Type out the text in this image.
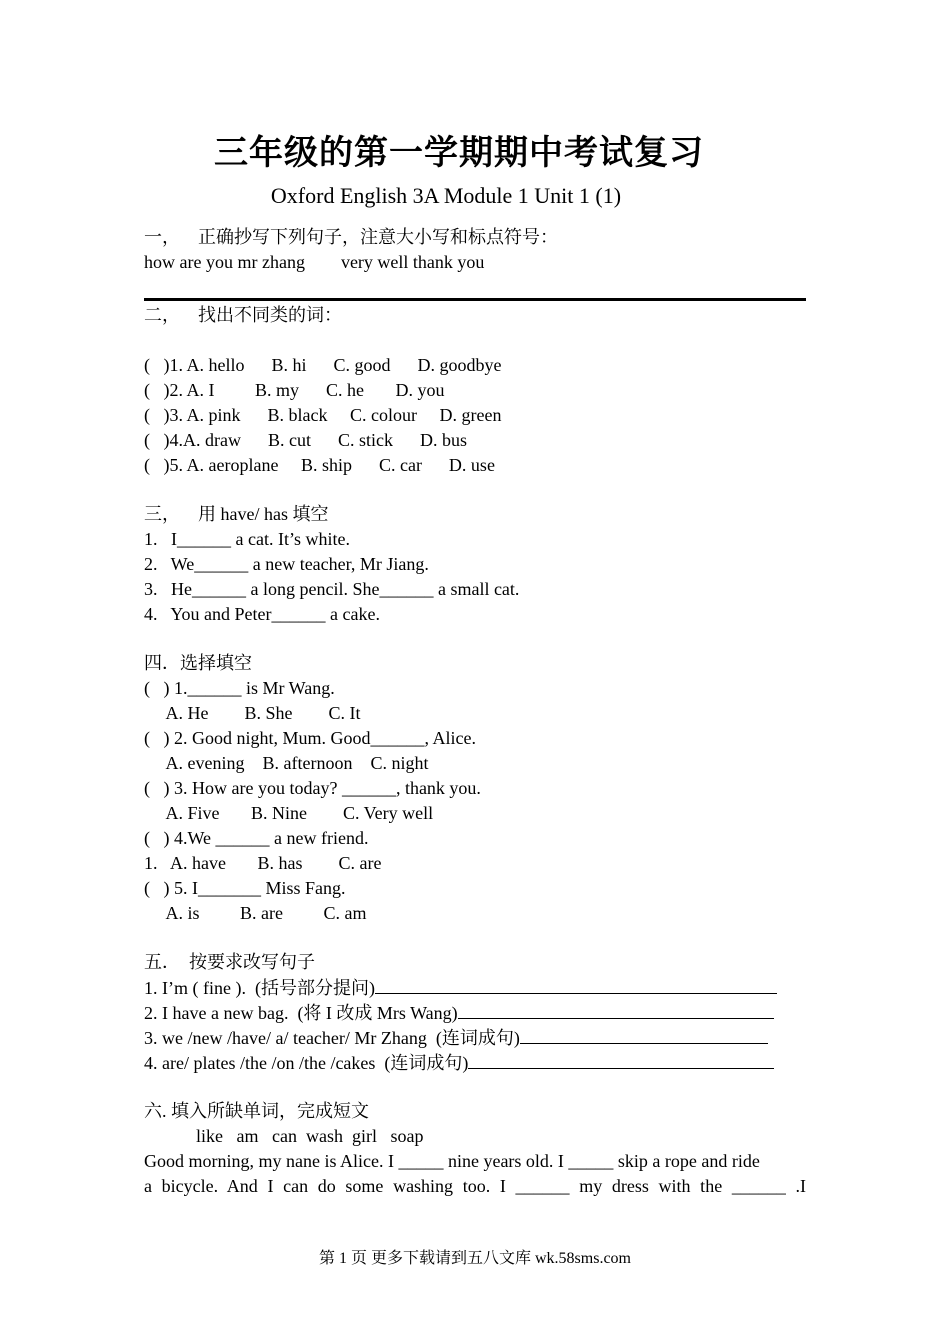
三年级的第一学期期中考试复习
Oxford English 3A Module 1 Unit 1 (1)
一，    正确抄写下列句子，注意大小写和标点符号：
how are you mr zhang        very well thank you
二，    找出不同类的词：
(   )1. A. hello      B. hi      C. good      D. goodbye
(   )2. A. I         B. my      C. he       D. you
(   )3. A. pink      B. black     C. colour     D. green
(   )4.A. draw      B. cut      C. stick      D. bus
(   )5. A. aeroplane     B. ship      C. car      D. use
三，    用 have/ has 填空
1.   I______ a cat. It’s white.
2.   We______ a new teacher, Mr Jiang.
3.   He______ a long pencil. She______ a small cat.
4.   You and Peter______ a cake.
四．选择填空
(   ) 1.______ is Mr Wang.
A. He        B. She        C. It
(   ) 2. Good night, Mum. Good______, Alice.
A. evening    B. afternoon    C. night
(   ) 3. How are you today? ______, thank you.
A. Five       B. Nine        C. Very well
(   ) 4.We ______ a new friend.
1.   A. have       B. has        C. are
(   ) 5. I_______ Miss Fang.
A. is         B. are         C. am
五．  按要求改写句子
1. I’m ( fine ).  (括号部分提问)
2. I have a new bag.  (将 I 改成 Mrs Wang)
3. we /new /have/ a/ teacher/ Mr Zhang  (连词成句)
4. are/ plates /the /on /the /cakes  (连词成句)
六. 填入所缺单词，完成短文
like   am   can  wash  girl   soap
Good morning, my nane is Alice. I _____ nine years old. I _____ skip a rope and ride
a bicycle. And I can do some washing too. I ______ my dress with the ______ .I
第 1 页 更多下载请到五八文库 wk.58sms.com
